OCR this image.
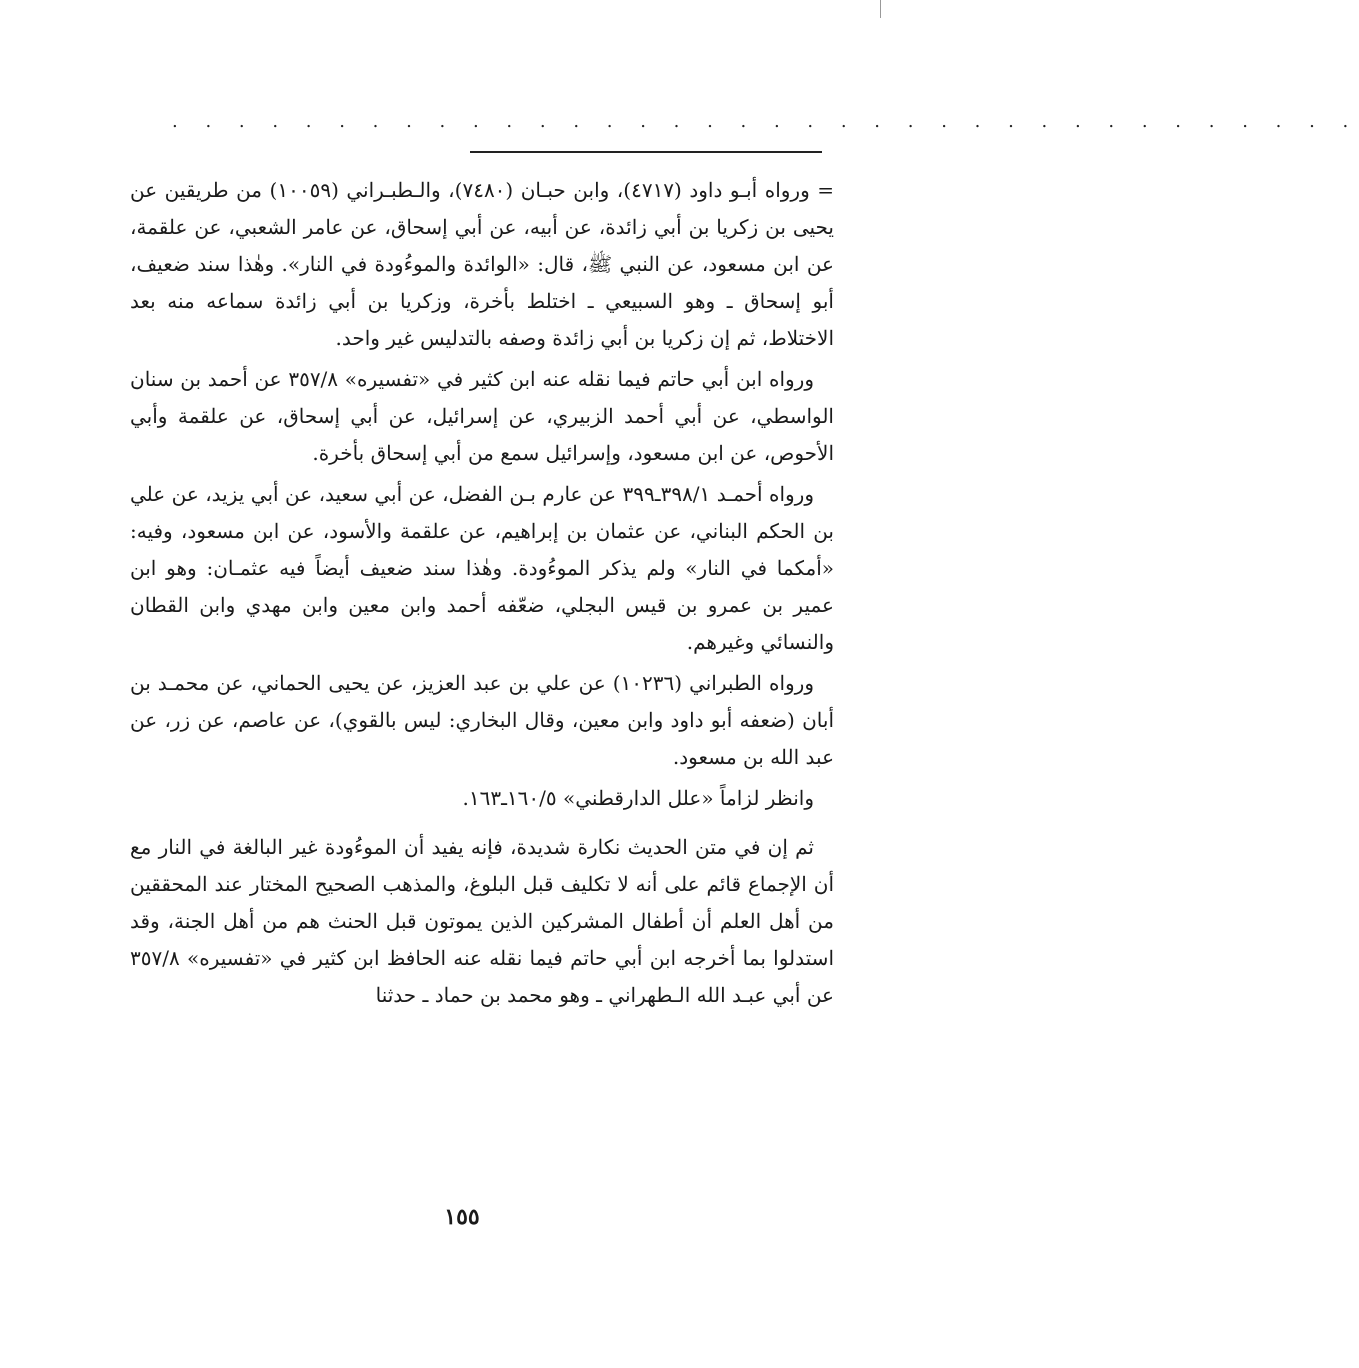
. . . . . . . . . . . . . . . . . . . . . . . . . . . . . . . . . . . .

= ورواه أبـو داود (٤٧١٧)، وابن حبـان (٧٤٨٠)، والـطبـراني (١٠٠٥٩) من طريقين عن يحيى بن زكريا بن أبي زائدة، عن أبيه، عن أبي إسحاق، عن عامر الشعبي، عن علقمة، عن ابن مسعود، عن النبي ﷺ، قال: «الوائدة والموءُودة في النار». وهٰذا سند ضعيف، أبو إسحاق ـ وهو السبيعي ـ اختلط بأخرة، وزكريا بن أبي زائدة سماعه منه بعد الاختلاط، ثم إن زكريا بن أبي زائدة وصفه بالتدليس غير واحد.

ورواه ابن أبي حاتم فيما نقله عنه ابن كثير في «تفسيره» ٣٥٧/٨ عن أحمد بن سنان الواسطي، عن أبي أحمد الزبيري، عن إسرائيل، عن أبي إسحاق، عن علقمة وأبي الأحوص، عن ابن مسعود، وإسرائيل سمع من أبي إسحاق بأخرة.

ورواه أحمـد ٣٩٨/١ـ٣٩٩ عن عارم بـن الفضل، عن أبي سعيد، عن أبي يزيد، عن علي بن الحكم البناني، عن عثمان بن إبراهيم، عن علقمة والأسود، عن ابن مسعود، وفيه: «أمكما في النار» ولم يذكر الموءُودة. وهٰذا سند ضعيف أيضاً فيه عثمـان: وهو ابن عمير بن عمرو بن قيس البجلي، ضعّفه أحمد وابن معين وابن مهدي وابن القطان والنسائي وغيرهم.

ورواه الطبراني (١٠٢٣٦) عن علي بن عبد العزيز، عن يحيى الحماني، عن محمـد بن أبان (ضعفه أبو داود وابن معين، وقال البخاري: ليس بالقوي)، عن عاصم، عن زر، عن عبد الله بن مسعود.

وانظر لزاماً «علل الدارقطني» ١٦٠/٥ـ١٦٣.

ثم إن في متن الحديث نكارة شديدة، فإنه يفيد أن الموءُودة غير البالغة في النار مع أن الإجماع قائم على أنه لا تكليف قبل البلوغ، والمذهب الصحيح المختار عند المحققين من أهل العلم أن أطفال المشركين الذين يموتون قبل الحنث هم من أهل الجنة، وقد استدلوا بما أخرجه ابن أبي حاتم فيما نقله عنه الحافظ ابن كثير في «تفسيره» ٣٥٧/٨ عن أبي عبـد الله الـطهراني ـ وهو محمد بن حماد ـ حدثنا

١٥٥
